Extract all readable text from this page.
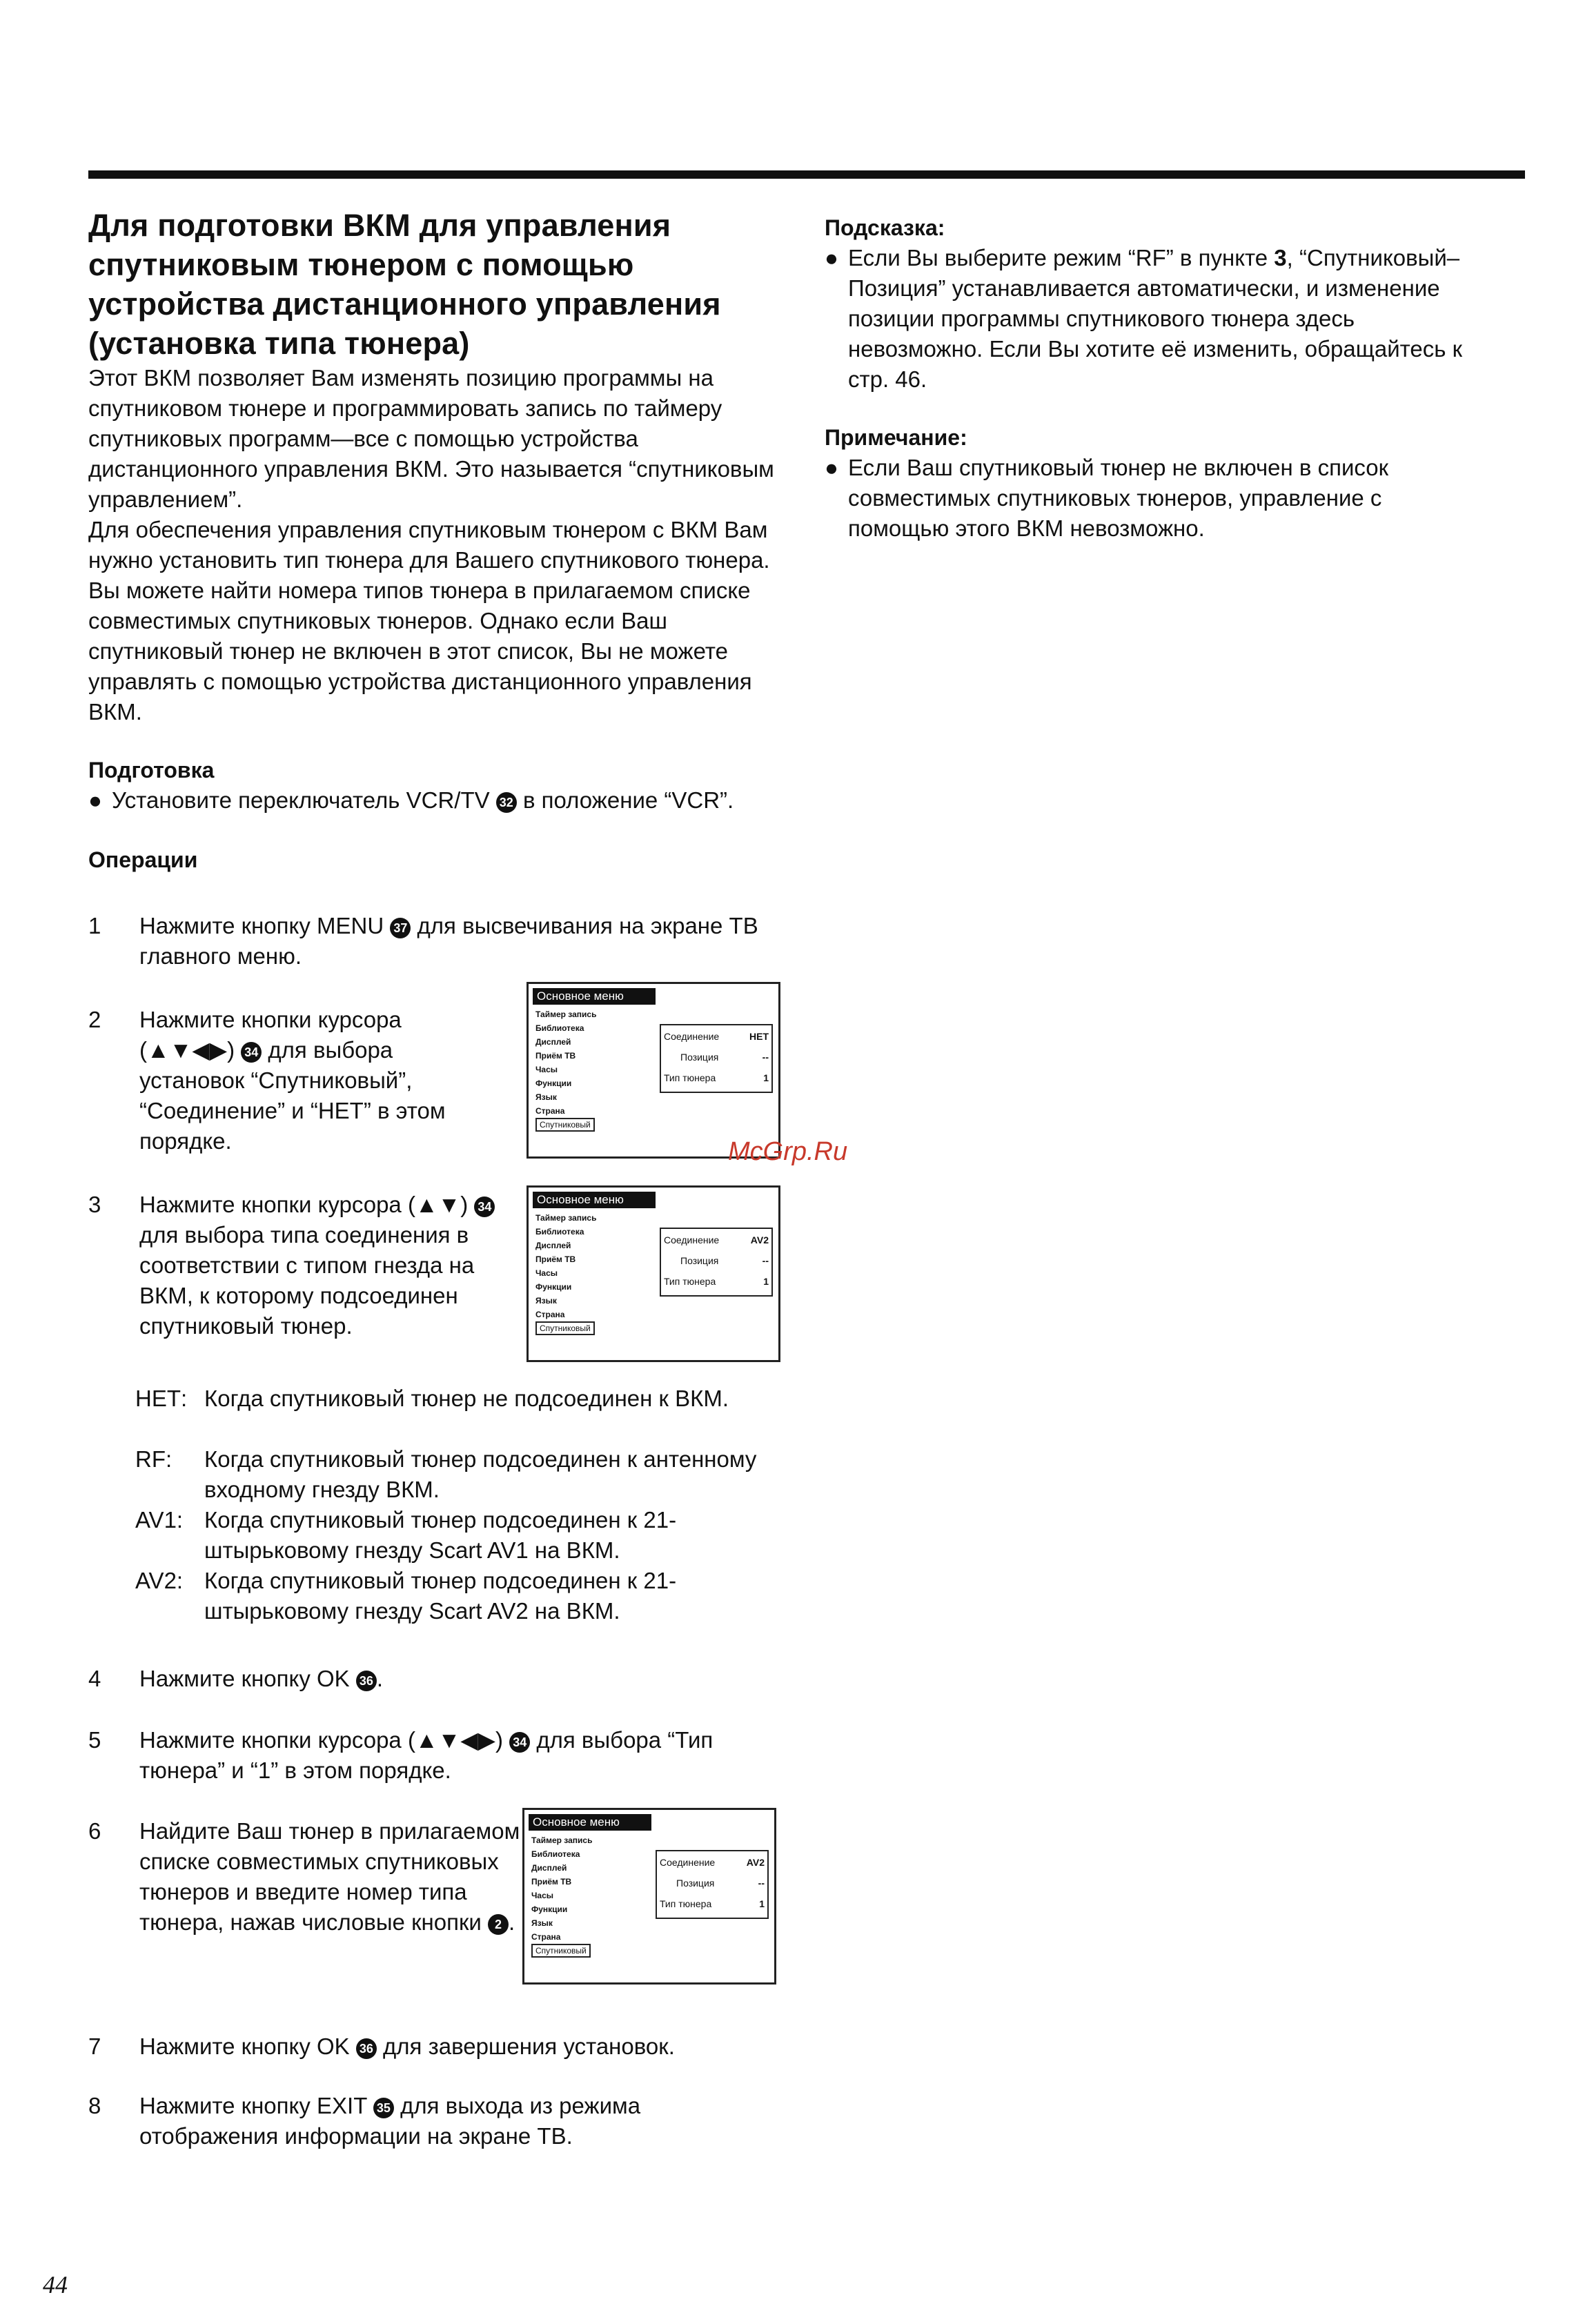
Для подготовки ВКМ для управления спутниковым тюнером с помощью устройства дистанционного управления (установка типа тюнера)

Этот ВКМ позволяет Вам изменять позицию программы на спутниковом тюнере и программировать запись по таймеру спутниковых программ—все с помощью устройства дистанционного управления ВКМ. Это называется “спутниковым управлением”.

Для обеспечения управления спутниковым тюнером с ВКМ Вам нужно установить тип тюнера для Вашего спутникового тюнера. Вы можете найти номера типов тюнера в прилагаемом списке совместимых спутниковых тюнеров. Однако если Ваш спутниковый тюнер не включен в этот список, Вы не можете управлять с помощью устройства дистанционного управления ВКМ.

Подготовка

● Установите переключатель VCR/TV 32 в положение “VCR”.

Операции

1	Нажмите кнопку MENU 37 для высвечивания на экране ТВ главного меню.
2	Нажмите кнопки курсора (▲▼◀▶) 34 для выбора установок “Спутниковый”, “Соединение” и “НЕТ” в этом порядке.
3	Нажмите кнопки курсора (▲▼) 34 для выбора типа соединения в соответствии с типом гнезда на ВКМ, к которому подсоединен спутниковый тюнер.
НЕТ: Когда спутниковый тюнер не подсоединен к ВКМ.
RF: Когда спутниковый тюнер подсоединен к антенному входному гнезду ВКМ.
AV1: Когда спутниковый тюнер подсоединен к 21-штырьковому гнезду Scart AV1 на ВКМ.
AV2: Когда спутниковый тюнер подсоединен к 21-штырьковому гнезду Scart AV2 на ВКМ.
4	Нажмите кнопку OK 36 .
5	Нажмите кнопки курсора (▲▼◀▶) 34 для выбора “Тип тюнера” и “1” в этом порядке.
6	Найдите Ваш тюнер в прилагаемом списке совместимых спутниковых тюнеров и введите номер типа тюнера, нажав числовые кнопки 2 .
7	Нажмите кнопку OK 36 для завершения установок.
8	Нажмите кнопку EXIT 35 для выхода из режима отображения информации на экране ТВ.
Основное меню
Таймер запись
Библиотека
Дисплей
Приём ТВ
Часы
Функции
Язык
Страна
Спутниковый
Соединение	НЕТ
Позиция	--
Тип тюнера	1
Основное меню
Таймер запись
Библиотека
Дисплей
Приём ТВ
Часы
Функции
Язык
Страна
Спутниковый
Соединение	AV2
Позиция	--
Тип тюнера	1
Основное меню
Таймер запись
Библиотека
Дисплей
Приём ТВ
Часы
Функции
Язык
Страна
Спутниковый
Соединение	AV2
Позиция	--
Тип тюнера	1

Подсказка:

● Если Вы выберите режим “RF” в пункте 3, “Спутниковый–Позиция” устанавливается автоматически, и изменение позиции программы спутникового тюнера здесь невозможно. Если Вы хотите её изменить, обращайтесь к стр. 46.

Примечание:

● Если Ваш спутниковый тюнер не включен в список совместимых спутниковых тюнеров, управление с помощью этого ВКМ невозможно.
McGrp.Ru
44
